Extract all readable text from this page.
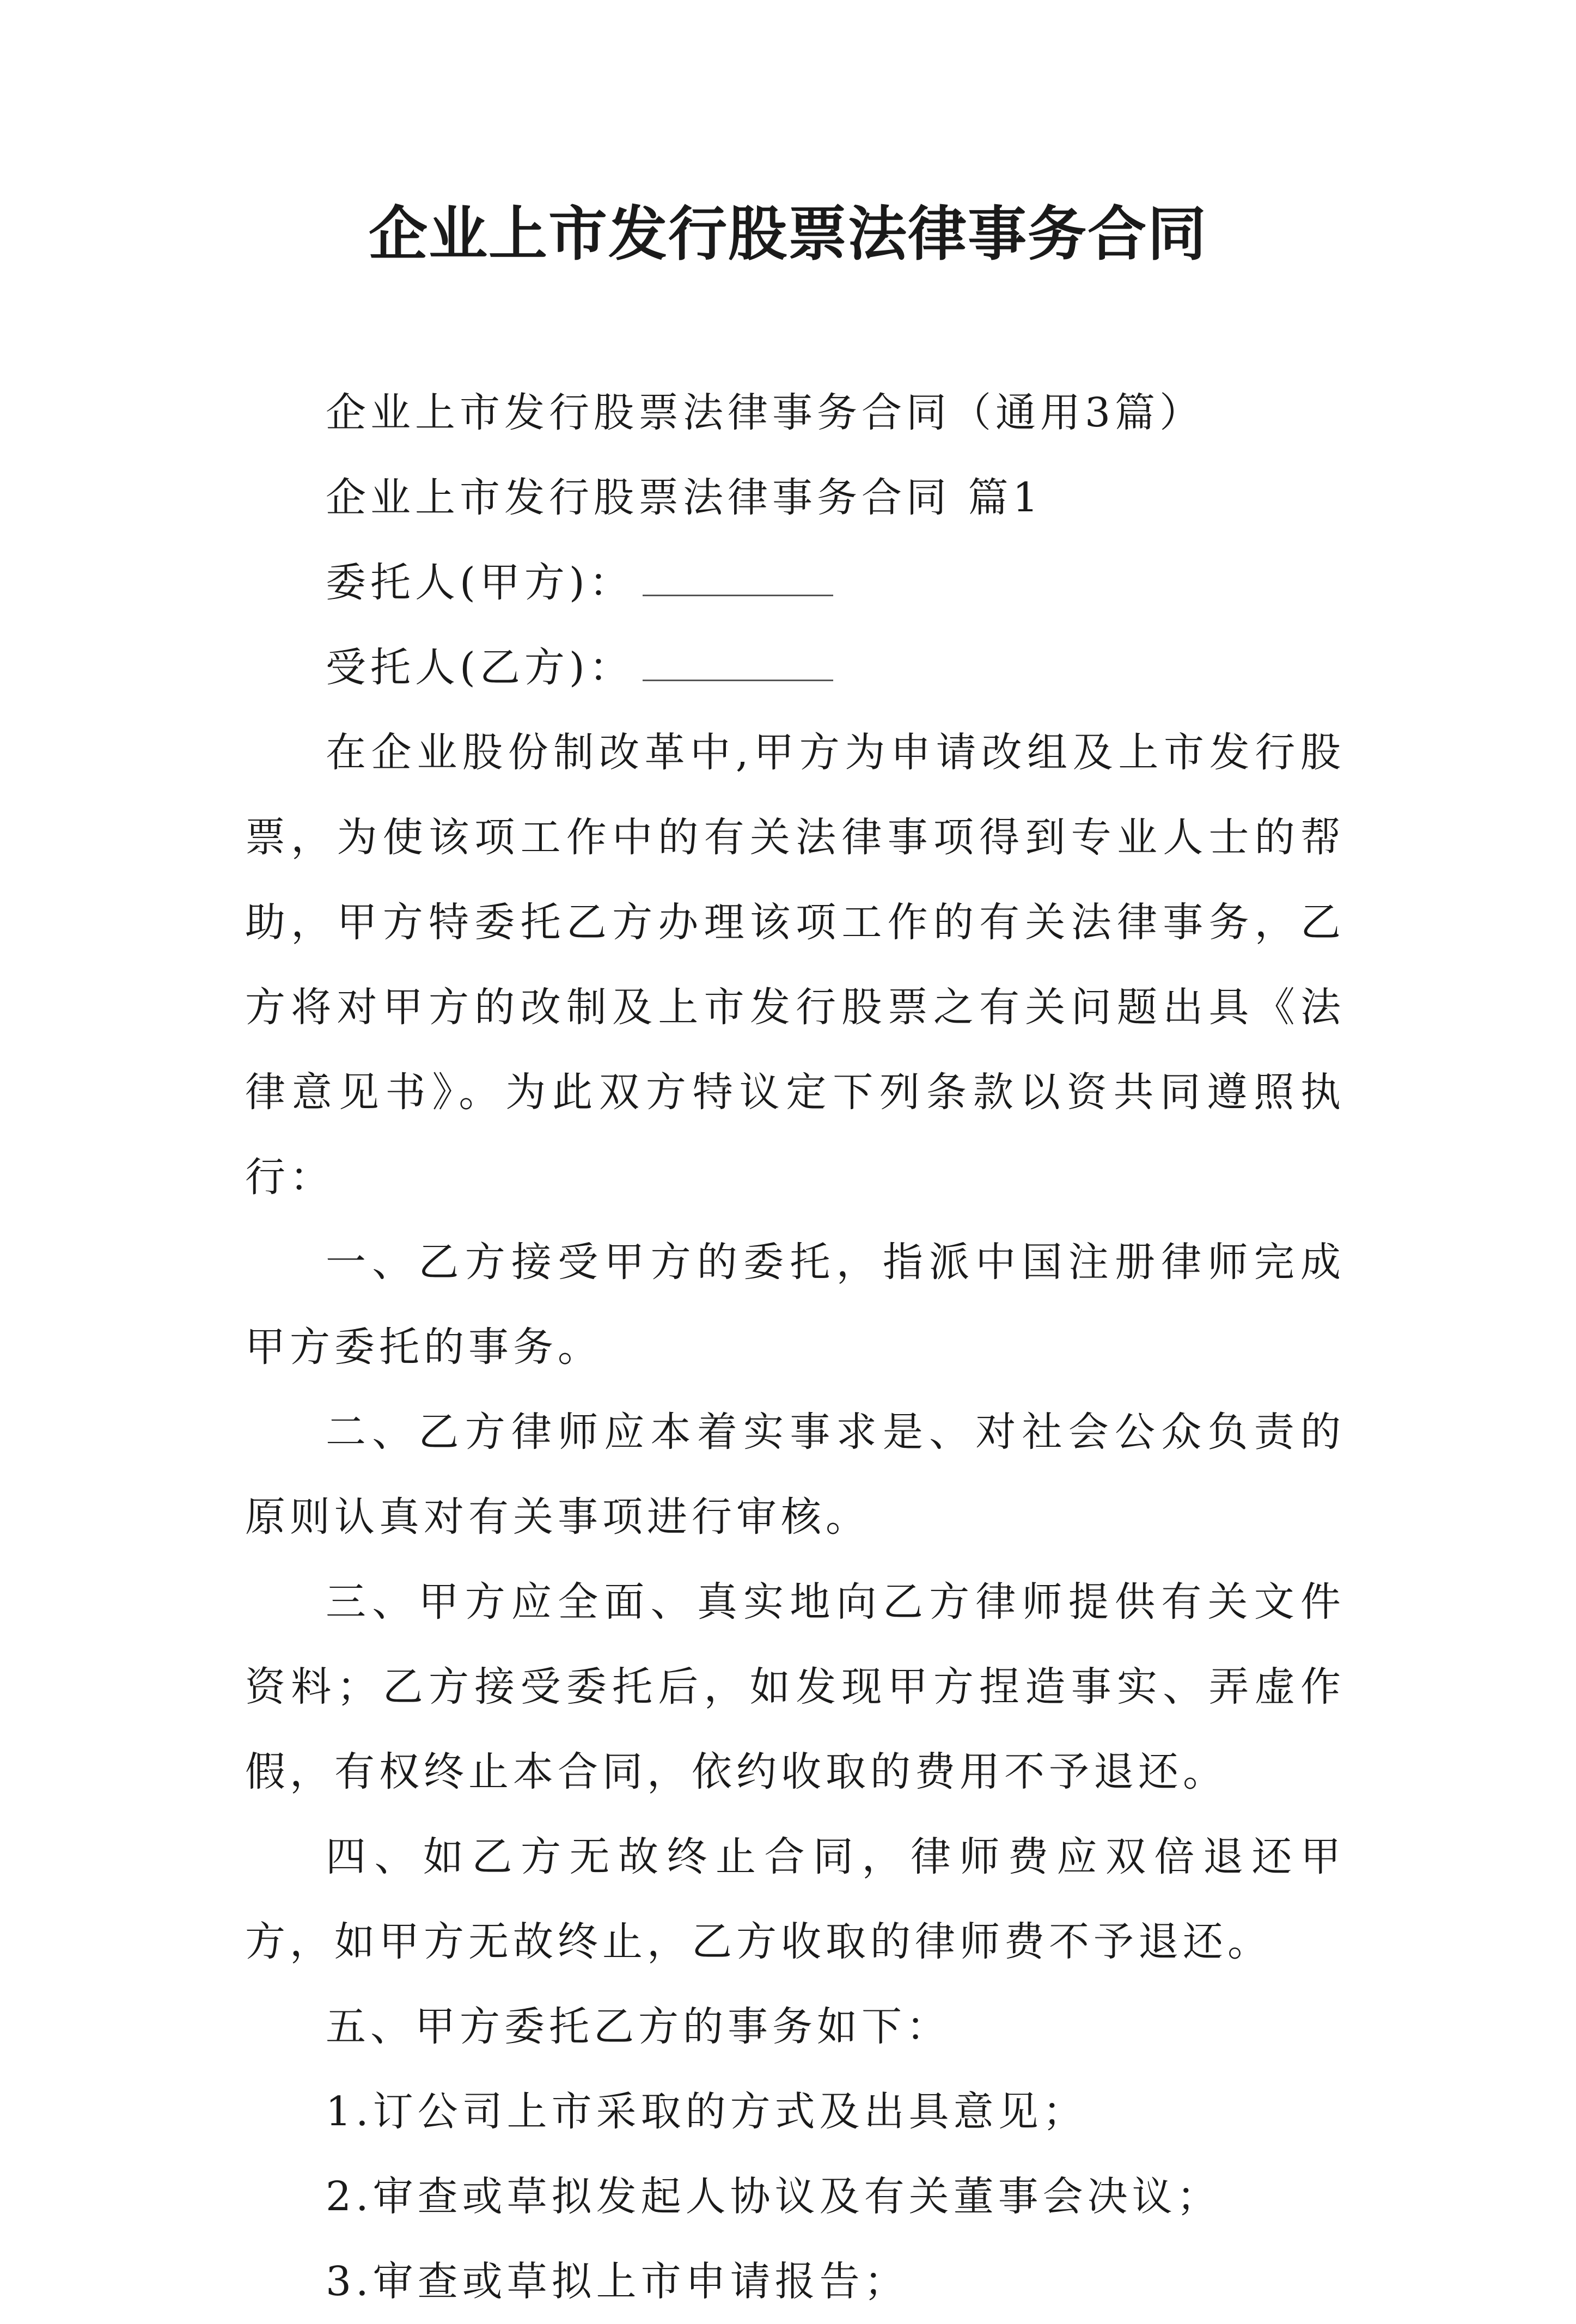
企业上市发行股票法律事务合同

企业上市发行股票法律事务合同（通用3篇）

企业上市发行股票法律事务合同 篇1

委托人(甲方)：

受托人(乙方)：

在企业股份制改革中,甲方为申请改组及上市发行股票，为使该项工作中的有关法律事项得到专业人士的帮助，甲方特委托乙方办理该项工作的有关法律事务，乙方将对甲方的改制及上市发行股票之有关问题出具《法律意见书》。为此双方特议定下列条款以资共同遵照执行：

一、乙方接受甲方的委托，指派中国注册律师完成甲方委托的事务。

二、乙方律师应本着实事求是、对社会公众负责的原则认真对有关事项进行审核。

三、甲方应全面、真实地向乙方律师提供有关文件资料；乙方接受委托后，如发现甲方捏造事实、弄虚作假，有权终止本合同，依约收取的费用不予退还。

四、如乙方无故终止合同，律师费应双倍退还甲方，如甲方无故终止，乙方收取的律师费不予退还。

五、甲方委托乙方的事务如下：

1.订公司上市采取的方式及出具意见；

2.审查或草拟发起人协议及有关董事会决议；

3.审查或草拟上市申请报告；
